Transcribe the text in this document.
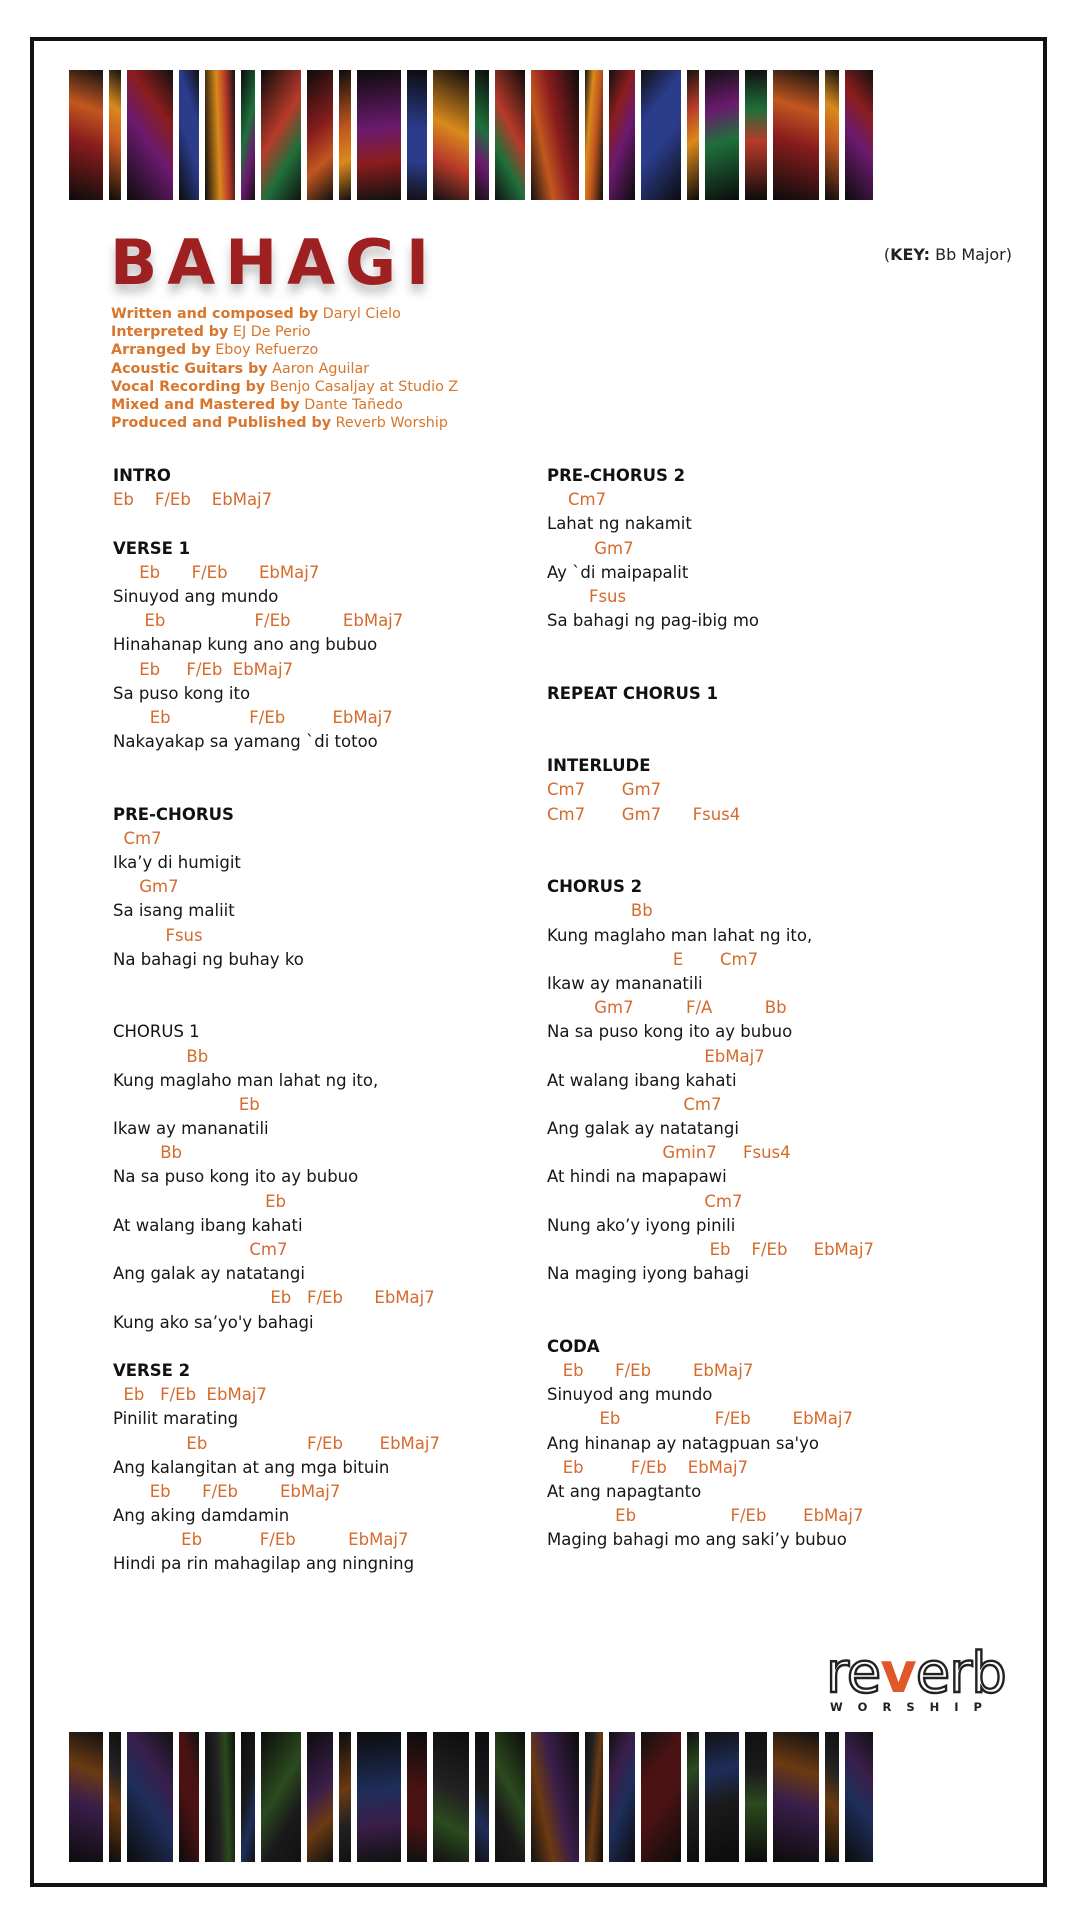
BAHAGI	(KEY: Bb Major)
Written and composed by Daryl Cielo
Interpreted by EJ De Perio
Arranged by Eboy Refuerzo
Acoustic Guitars by Aaron Aguilar
Vocal Recording by Benjo Casaljay at Studio Z
Mixed and Mastered by Dante Tañedo
Produced and Published by Reverb Worship
INTRO
Eb    F/Eb    EbMaj7
VERSE 1
Eb      F/Eb      EbMaj7
Sinuyod ang mundo
Eb                 F/Eb          EbMaj7
Hinahanap kung ano ang bubuo
Eb     F/Eb  EbMaj7
Sa puso kong ito
Eb               F/Eb         EbMaj7
Nakayakap sa yamang `di totoo
PRE-CHORUS
Cm7
Ika’y di humigit
Gm7
Sa isang maliit
Fsus
Na bahagi ng buhay ko
CHORUS 1
Bb
Kung maglaho man lahat ng ito,
Eb
Ikaw ay mananatili
Bb
Na sa puso kong ito ay bubuo
Eb
At walang ibang kahati
Cm7
Ang galak ay natatangi
Eb   F/Eb      EbMaj7
Kung ako sa’yo'y bahagi
VERSE 2
Eb   F/Eb  EbMaj7
Pinilit marating
Eb                   F/Eb       EbMaj7
Ang kalangitan at ang mga bituin
Eb      F/Eb        EbMaj7
Ang aking damdamin
Eb           F/Eb          EbMaj7
Hindi pa rin mahagilap ang ningning
PRE-CHORUS 2
Cm7
Lahat ng nakamit
Gm7
Ay `di maipapalit
Fsus
Sa bahagi ng pag-ibig mo
REPEAT CHORUS 1
INTERLUDE
Cm7       Gm7
Cm7       Gm7      Fsus4
CHORUS 2
Bb
Kung maglaho man lahat ng ito,
E       Cm7
Ikaw ay mananatili
Gm7          F/A          Bb
Na sa puso kong ito ay bubuo
EbMaj7
At walang ibang kahati
Cm7
Ang galak ay natatangi
Gmin7     Fsus4
At hindi na mapapawi
Cm7
Nung ako’y iyong pinili
Eb    F/Eb     EbMaj7
Na maging iyong bahagi
CODA
Eb      F/Eb        EbMaj7
Sinuyod ang mundo
Eb                  F/Eb        EbMaj7
Ang hinanap ay natagpuan sa'yo
Eb         F/Eb    EbMaj7
At ang napagtanto
Eb                  F/Eb       EbMaj7
Maging bahagi mo ang saki’y bubuo
reverb
WORSHIP
